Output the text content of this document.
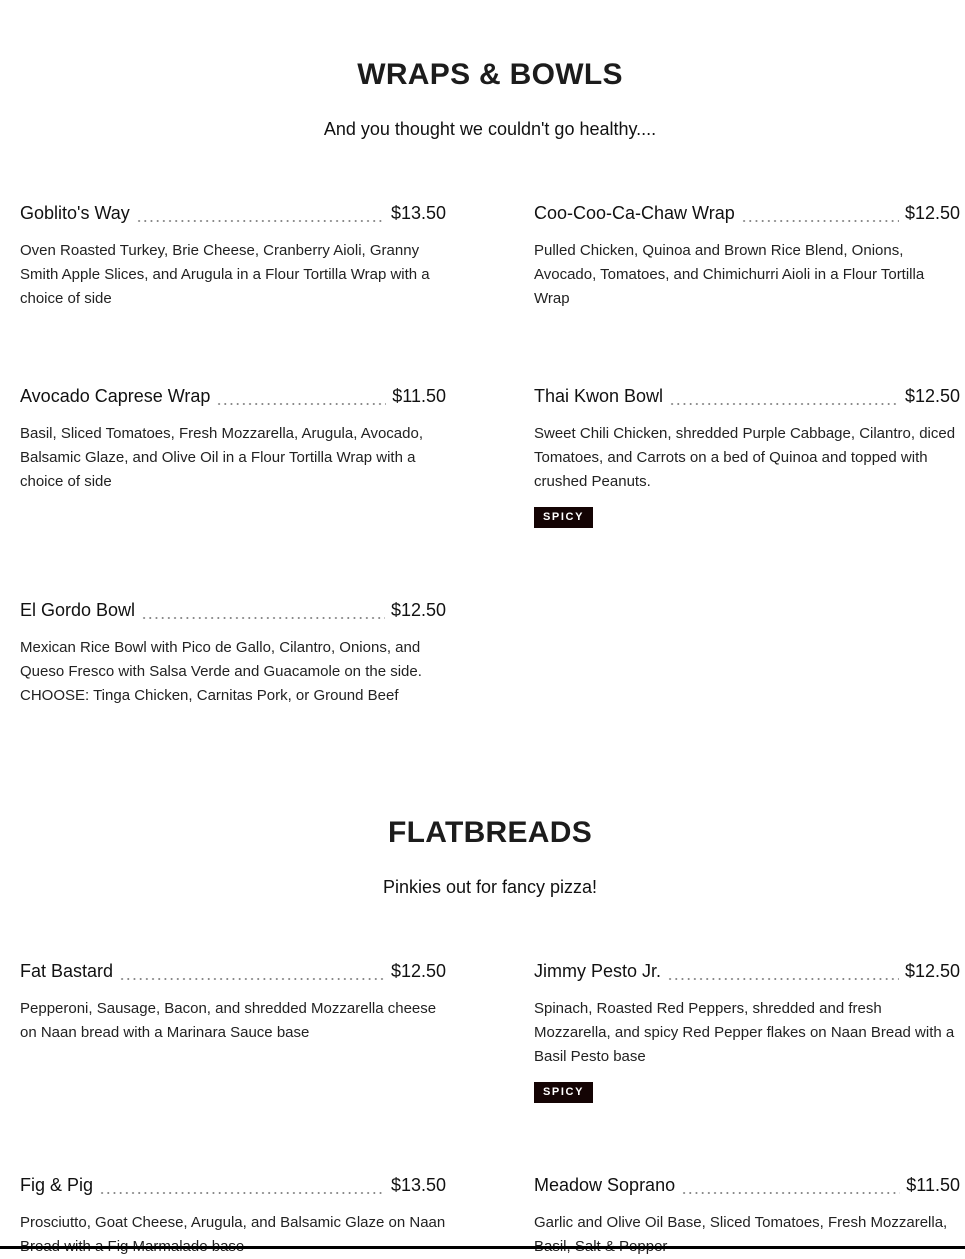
WRAPS & BOWLS
And you thought we couldn't go healthy....
Goblito's Way	$13.50
Oven Roasted Turkey, Brie Cheese, Cranberry Aioli, Granny Smith Apple Slices, and Arugula in a Flour Tortilla Wrap with a choice of side
Coo-Coo-Ca-Chaw Wrap	$12.50
Pulled Chicken, Quinoa and Brown Rice Blend, Onions, Avocado, Tomatoes, and Chimichurri Aioli in a Flour Tortilla Wrap
Avocado Caprese Wrap	$11.50
Basil, Sliced Tomatoes, Fresh Mozzarella, Arugula, Avocado, Balsamic Glaze, and Olive Oil in a Flour Tortilla Wrap with a choice of side
Thai Kwon Bowl	$12.50
Sweet Chili Chicken, shredded Purple Cabbage, Cilantro, diced Tomatoes, and Carrots on a bed of Quinoa and topped with crushed Peanuts.
SPICY
El Gordo Bowl	$12.50
Mexican Rice Bowl with Pico de Gallo, Cilantro, Onions, and Queso Fresco with Salsa Verde and Guacamole on the side. CHOOSE: Tinga Chicken, Carnitas Pork, or Ground Beef
FLATBREADS
Pinkies out for fancy pizza!
Fat Bastard	$12.50
Pepperoni, Sausage, Bacon, and shredded Mozzarella cheese on Naan bread with a Marinara Sauce base
Jimmy Pesto Jr.	$12.50
Spinach, Roasted Red Peppers, shredded and fresh Mozzarella, and spicy Red Pepper flakes on Naan Bread with a Basil Pesto base
SPICY
Fig & Pig	$13.50
Prosciutto, Goat Cheese, Arugula, and Balsamic Glaze on Naan
Meadow Soprano	$11.50
Garlic and Olive Oil Base, Sliced Tomatoes, Fresh Mozzarella,
